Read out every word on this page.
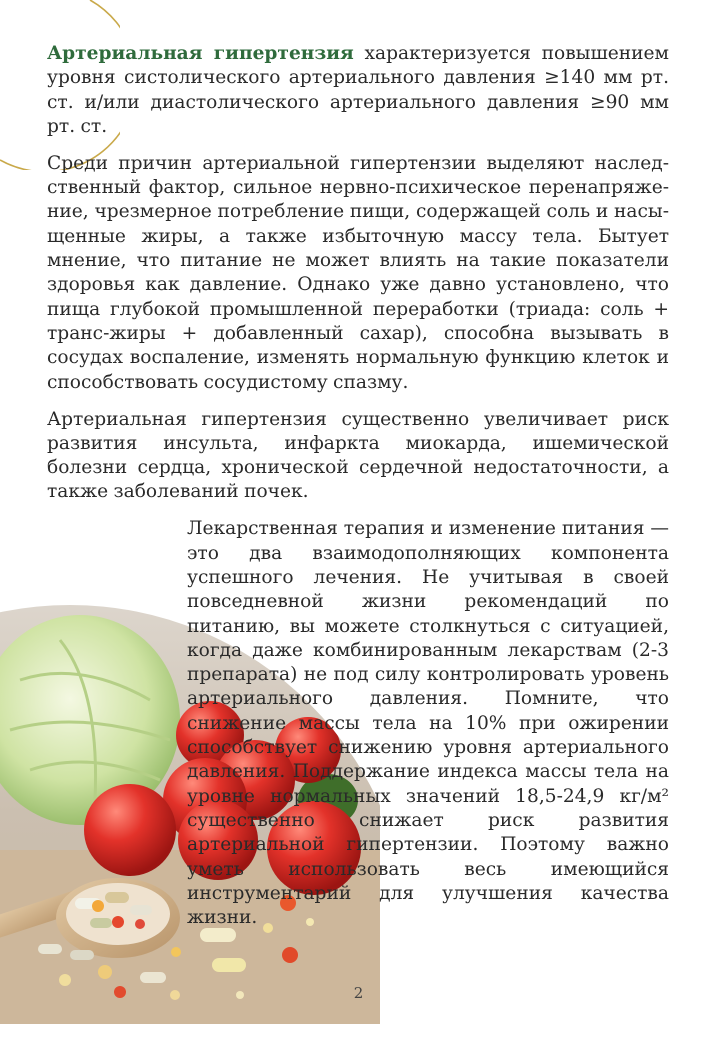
Артериальная гипертензия характеризуется повышением уровня систолического артериального давления ≥140 мм рт. ст. и/или диастолического артериального давления ≥90 мм рт. ст.

Среди причин артериальной гипертензии выделяют наследственный фактор, сильное нервно-психическое перенапряжение, чрезмерное потребление пищи, содержащей соль и насыщенные жиры, а также избыточную массу тела. Бытует мнение, что питание не может влиять на такие показатели здоровья как давление. Однако уже давно установлено, что пища глубокой промышленной переработки (триада: соль + транс-жиры + добавленный сахар), способна вызывать в сосудах воспаление, изменять нормальную функцию клеток и способствовать сосудистому спазму.

Артериальная гипертензия существенно увеличивает риск развития инсульта, инфаркта миокарда, ишемической болезни сердца, хронической сердечной недостаточности, а также заболеваний почек.

Лекарственная терапия и изменение питания — это два взаимодополняющих компонента успешного лечения. Не учитывая в своей повседневной жизни рекомендаций по питанию, вы можете столкнуться с ситуацией, когда даже комбинированным лекарствам (2-3 препарата) не под силу контролировать уровень артериального давления. Помните, что снижение массы тела на 10% при ожирении способствует снижению уровня артериального давления. Поддержание индекса массы тела на уровне нормальных значений 18,5-24,9 кг/м² существенно снижает риск развития артериальной гипертензии. Поэтому важно уметь использовать весь имеющийся инструментарий для улучшения качества жизни.

2
